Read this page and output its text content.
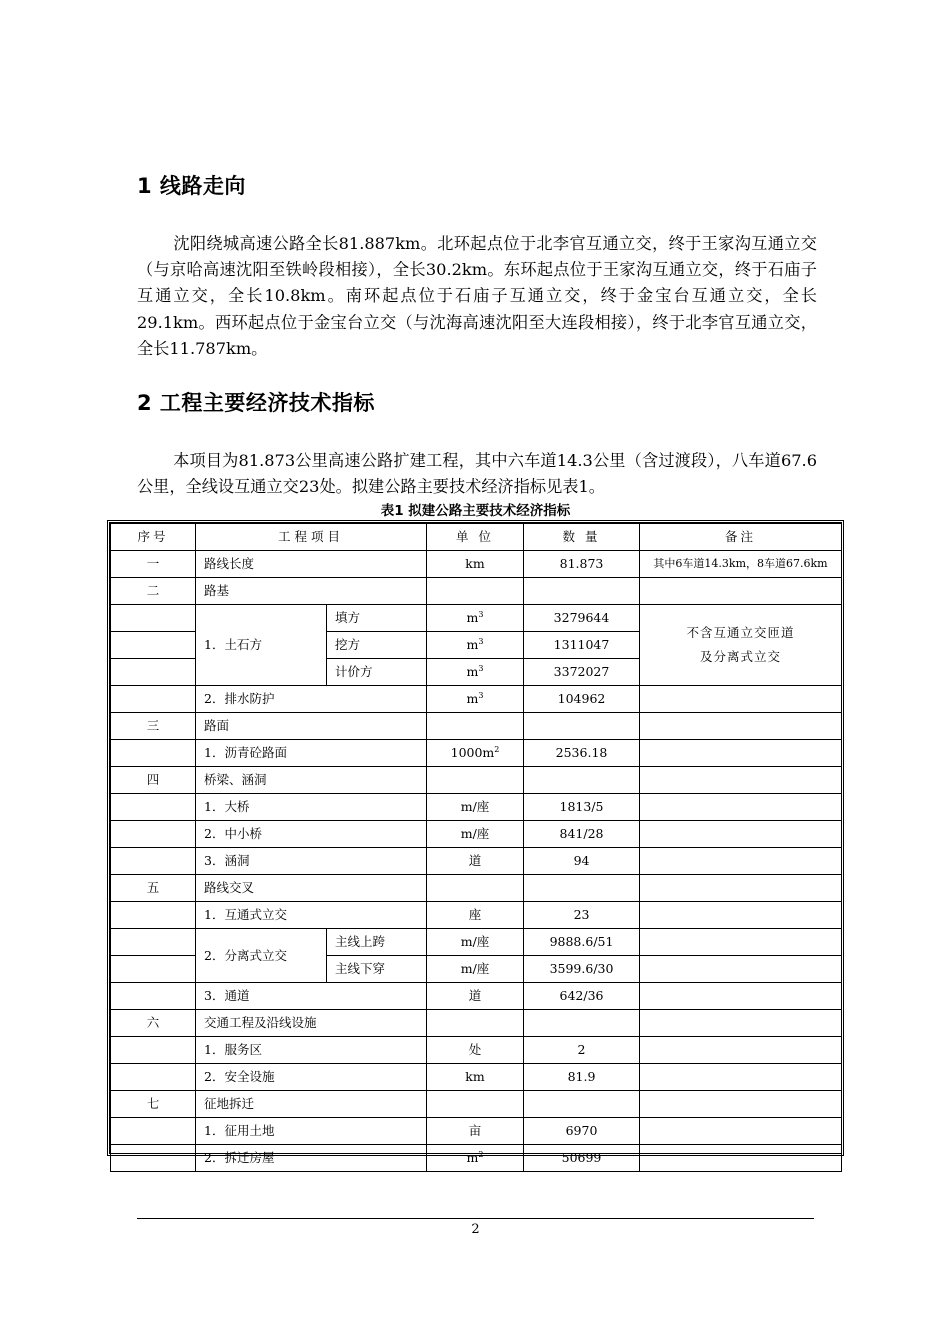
1 线路走向
沈阳绕城高速公路全长81.887km。北环起点位于北李官互通立交，终于王家沟互通立交（与京哈高速沈阳至铁岭段相接），全长30.2km。东环起点位于王家沟互通立交，终于石庙子互通立交，全长10.8km。南环起点位于石庙子互通立交，终于金宝台互通立交，全长29.1km。西环起点位于金宝台立交（与沈海高速沈阳至大连段相接），终于北李官互通立交，全长11.787km。
2 工程主要经济技术指标
本项目为81.873公里高速公路扩建工程，其中六车道14.3公里（含过渡段），八车道67.6公里，全线设互通立交23处。拟建公路主要技术经济指标见表1。
表1 拟建公路主要技术经济指标
序号	工程项目		单 位	数 量	备注
一	路线长度		km	81.873	其中6车道14.3km，8车道67.6km
二	路基				
	1．土石方	填方	$m^3$	3279644	不含互通立交匝道
及分离式立交
		挖方	$m^3$	1311047	
		计价方	$m^3$	3372027	
	2．排水防护		$m^3$	104962	
三	路面				
	1．沥青砼路面		$1000m^2$	2536.18	
四	桥梁、涵洞				
	1．大桥		m/座	1813/5	
	2．中小桥		m/座	841/28	
	3．涵洞		道	94	
五	路线交叉				
	1．互通式立交		座	23	
	2．分离式立交	主线上跨	m/座	9888.6/51	
		主线下穿	m/座	3599.6/30	
	3．通道		道	642/36	
六	交通工程及沿线设施				
	1．服务区		处	2	
	2．安全设施		km	81.9	
七	征地拆迁				
	1．征用土地		亩	6970	
	2．拆迁房屋		$m^2$	50699	
2
